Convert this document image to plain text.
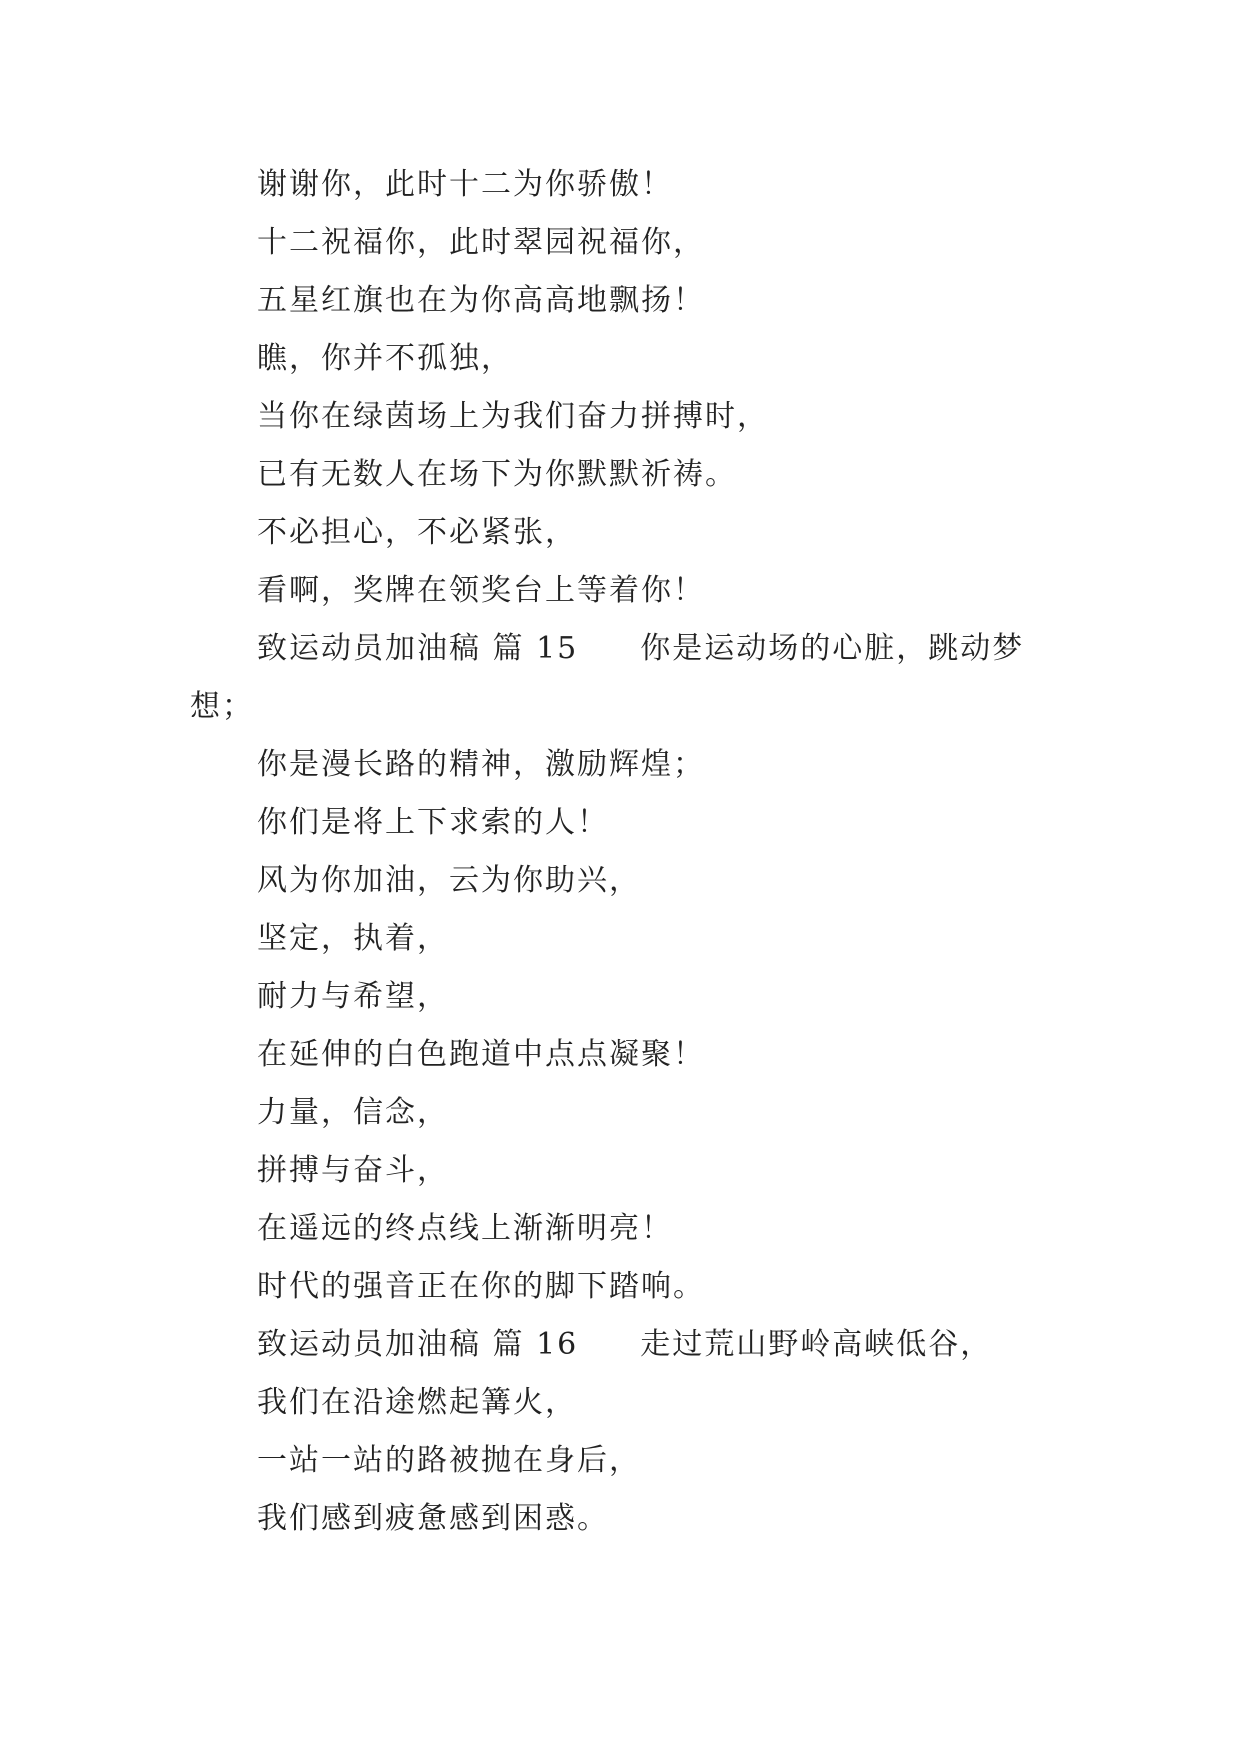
谢谢你，此时十二为你骄傲！

十二祝福你，此时翠园祝福你，

五星红旗也在为你高高地飘扬！

瞧，你并不孤独，

当你在绿茵场上为我们奋力拼搏时，

已有无数人在场下为你默默祈祷。

不必担心，不必紧张，

看啊，奖牌在领奖台上等着你！

致运动员加油稿 篇 15 你是运动场的心脏，跳动梦

想；

你是漫长路的精神，激励辉煌；

你们是将上下求索的人！

风为你加油，云为你助兴，

坚定，执着，

耐力与希望，

在延伸的白色跑道中点点凝聚！

力量，信念，

拼搏与奋斗，

在遥远的终点线上渐渐明亮！

时代的强音正在你的脚下踏响。

致运动员加油稿 篇 16 走过荒山野岭高峡低谷，

我们在沿途燃起篝火，

一站一站的路被抛在身后，

我们感到疲惫感到困惑。
